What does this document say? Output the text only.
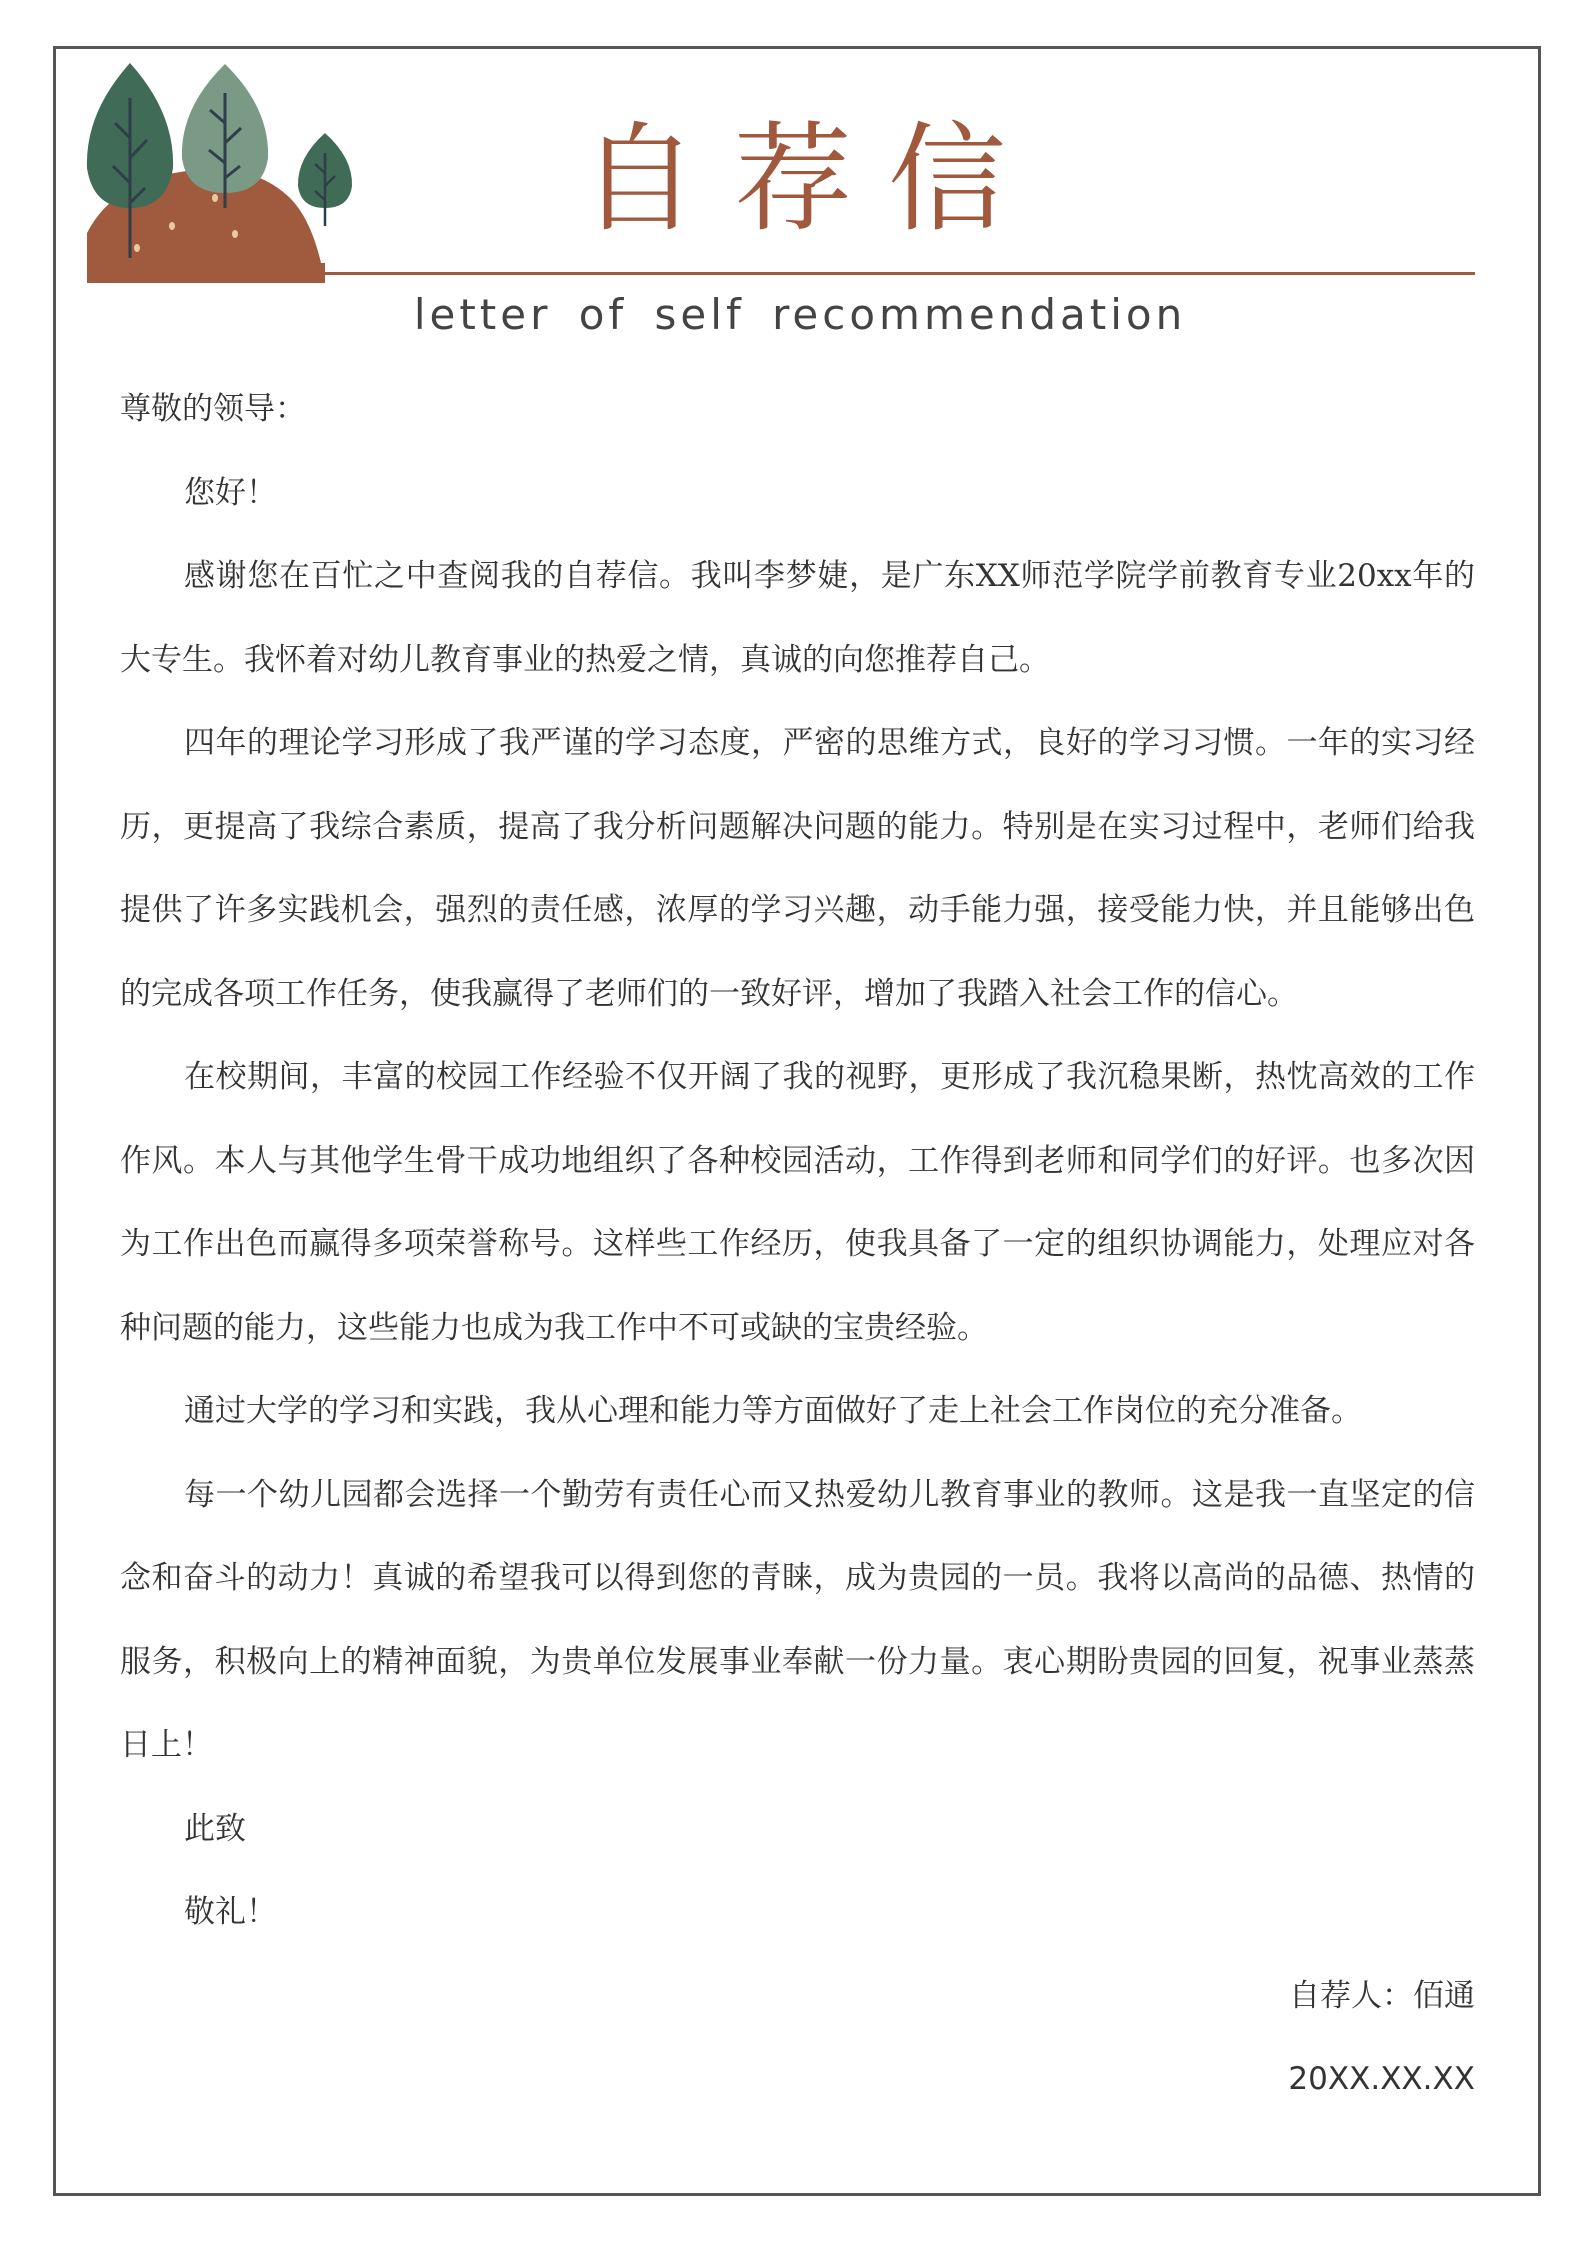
自荐信
letter of self recommendation

尊敬的领导：

您好！

感谢您在百忙之中查阅我的自荐信。我叫李梦婕，是广东XX师范学院学前教育专业20xx年的大专生。我怀着对幼儿教育事业的热爱之情，真诚的向您推荐自己。

四年的理论学习形成了我严谨的学习态度，严密的思维方式，良好的学习习惯。一年的实习经历，更提高了我综合素质，提高了我分析问题解决问题的能力。特别是在实习过程中，老师们给我提供了许多实践机会，强烈的责任感，浓厚的学习兴趣，动手能力强，接受能力快，并且能够出色的完成各项工作任务，使我赢得了老师们的一致好评，增加了我踏入社会工作的信心。

在校期间，丰富的校园工作经验不仅开阔了我的视野，更形成了我沉稳果断，热忱高效的工作作风。本人与其他学生骨干成功地组织了各种校园活动，工作得到老师和同学们的好评。也多次因为工作出色而赢得多项荣誉称号。这样些工作经历，使我具备了一定的组织协调能力，处理应对各种问题的能力，这些能力也成为我工作中不可或缺的宝贵经验。

通过大学的学习和实践，我从心理和能力等方面做好了走上社会工作岗位的充分准备。

每一个幼儿园都会选择一个勤劳有责任心而又热爱幼儿教育事业的教师。这是我一直坚定的信念和奋斗的动力！真诚的希望我可以得到您的青睐，成为贵园的一员。我将以高尚的品德、热情的服务，积极向上的精神面貌，为贵单位发展事业奉献一份力量。衷心期盼贵园的回复，祝事业蒸蒸日上！

此致

敬礼！

自荐人：佰通

20XX.XX.XX
